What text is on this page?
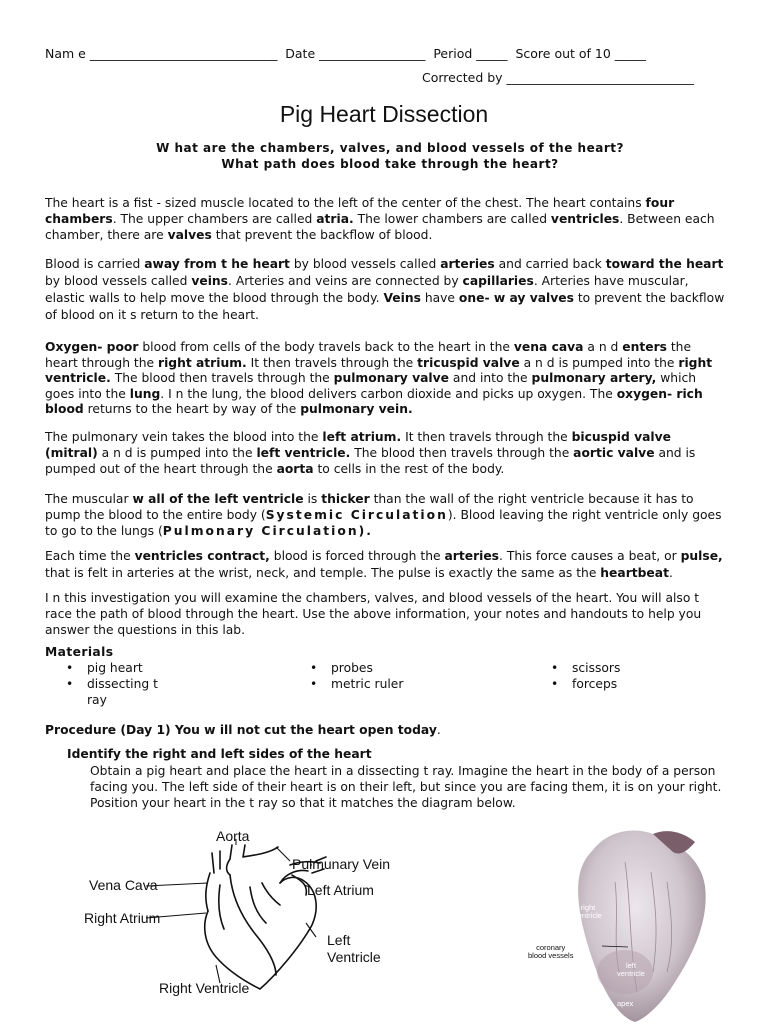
Nam e ______________________________  Date _________________  Period _____  Score out of 10 _____
Corrected by ______________________________
Pig Heart Dissection
W hat are the chambers, valves, and blood vessels of the heart?
What path does blood take through the heart?
The heart is a fist - sized muscle located to the left of the center of the chest. The heart contains four chambers. The upper chambers are called atria. The lower chambers are called ventricles. Between each chamber, there are valves that prevent the backflow of blood.
Blood is carried away from t he heart by blood vessels called arteries and carried back toward the heart by blood vessels called veins. Arteries and veins are connected by capillaries. Arteries have muscular, elastic walls to help move the blood through the body. Veins have one- w ay valves to prevent the backflow of blood on it s return to the heart.
Oxygen- poor blood from cells of the body travels back to the heart in the vena cava a n d enters the heart through the right atrium. It then travels through the tricuspid valve a n d is pumped into the right ventricle. The blood then travels through the pulmonary valve and into the pulmonary artery, which goes into the lung. I n the lung, the blood delivers carbon dioxide and picks up oxygen. The oxygen- rich blood returns to the heart by way of the pulmonary vein.
The pulmonary vein takes the blood into the left atrium. It then travels through the bicuspid valve (mitral) a n d is pumped into the left ventricle. The blood then travels through the aortic valve and is pumped out of the heart through the aorta to cells in the rest of the body.
The muscular w all of the left ventricle is thicker than the wall of the right ventricle because it has to pump the blood to the entire body (Systemic Circulation). Blood leaving the right ventricle only goes to go to the lungs (Pulmonary Circulation).
Each time the ventricles contract, blood is forced through the arteries. This force causes a beat, or pulse, that is felt in arteries at the wrist, neck, and temple. The pulse is exactly the same as the heartbeat.
I n this investigation you will examine the chambers, valves, and blood vessels of the heart. You will also t race the path of blood through the heart. Use the above information, your notes and handouts to help you answer the questions in this lab.
Materials
• pig heart
• dissecting t
ray
• probes
• metric ruler
• scissors
• forceps
Procedure (Day 1) You w ill not cut the heart open today.
Identify the right and left sides of the heart
Obtain a pig heart and place the heart in a dissecting t ray. Imagine the heart in the body of a person facing you. The left side of their heart is on their left, but since you are facing them, it is on your right. Position your heart in the t ray so that it matches the diagram below.
Aorta
Pulmunary Vein
Left Atrium
Vena Cava
Right Atrium
Left
Ventricle
Right Ventricle
right
ventricle
coronary
blood vessels
left
ventricle
apex
